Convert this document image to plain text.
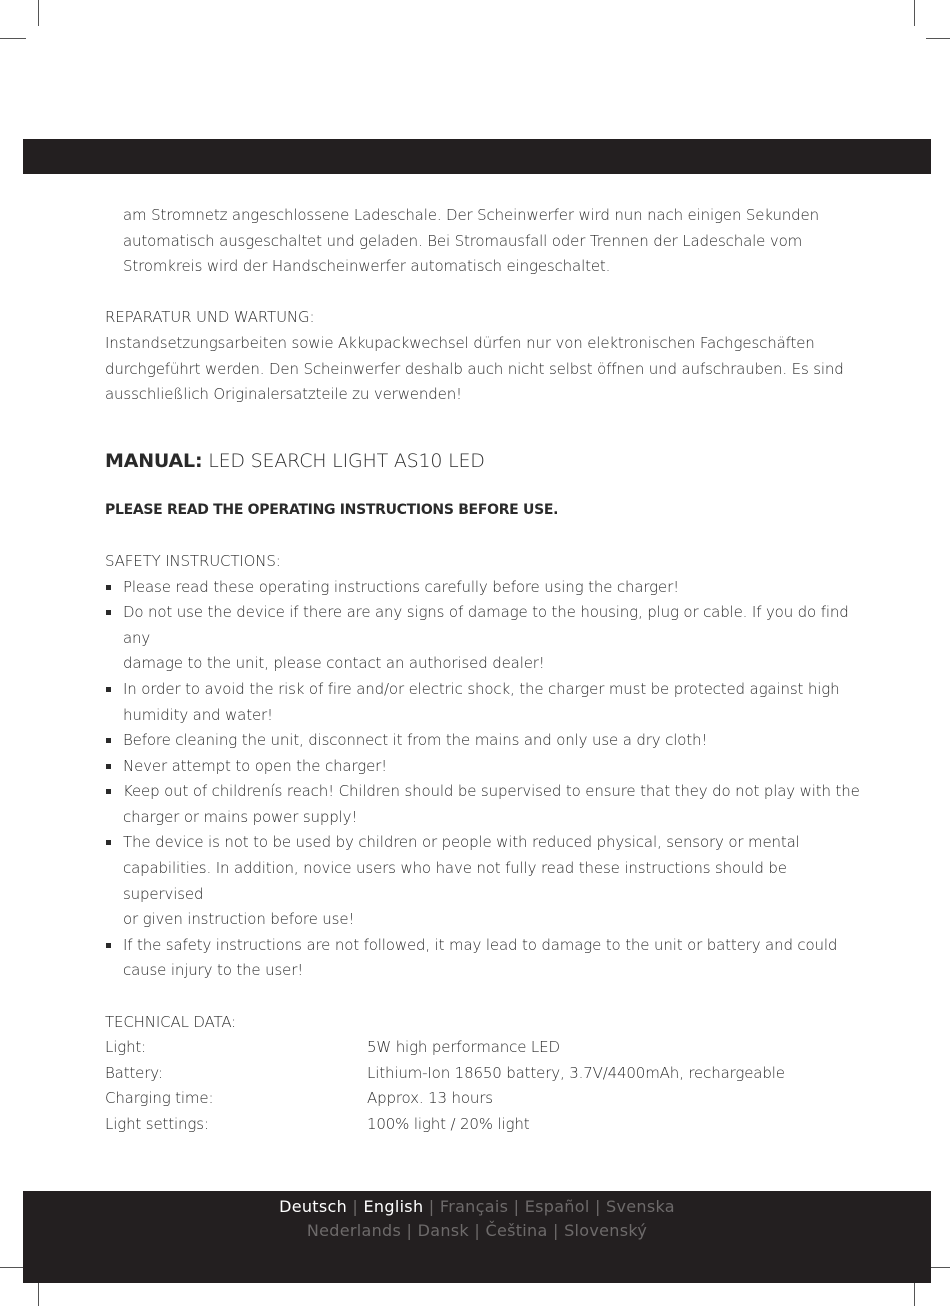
am Stromnetz angeschlossene Ladeschale. Der Scheinwerfer wird nun nach einigen Sekunden
automatisch ausgeschaltet und geladen. Bei Stromausfall oder Trennen der Ladeschale vom
Stromkreis wird der Handscheinwerfer automatisch eingeschaltet.
REPARATUR UND WARTUNG:
Instandsetzungsarbeiten sowie Akkupackwechsel dürfen nur von elektronischen Fachgeschäften
durchgeführt werden. Den Scheinwerfer deshalb auch nicht selbst öffnen und aufschrauben. Es sind
ausschließlich Originalersatzteile zu verwenden!
MANUAL: LED SEARCH LIGHT AS10 LED
PLEASE READ THE OPERATING INSTRUCTIONS BEFORE USE.
SAFETY INSTRUCTIONS:
Please read these operating instructions carefully before using the charger!
Do not use the device if there are any signs of damage to the housing, plug or cable. If you do find any
damage to the unit, please contact an authorised dealer!
In order to avoid the risk of fire and/or electric shock, the charger must be protected against high
humidity and water!
Before cleaning the unit, disconnect it from the mains and only use a dry cloth!
Never attempt to open the charger!
Keep out of childrenís reach! Children should be supervised to ensure that they do not play with the
charger or mains power supply!
The device is not to be used by children or people with reduced physical, sensory or mental
capabilities. In addition, novice users who have not fully read these instructions should be supervised
or given instruction before use!
If the safety instructions are not followed, it may lead to damage to the unit or battery and could
cause injury to the user!
TECHNICAL DATA:
Light:	5W high performance LED
Battery:	Lithium-Ion 18650 battery, 3.7V/4400mAh, rechargeable
Charging time:	Approx. 13 hours
Light settings:	100% light / 20% light
Deutsch | English | Français | Español | Svenska
Nederlands | Dansk | Čeština | Slovenský
